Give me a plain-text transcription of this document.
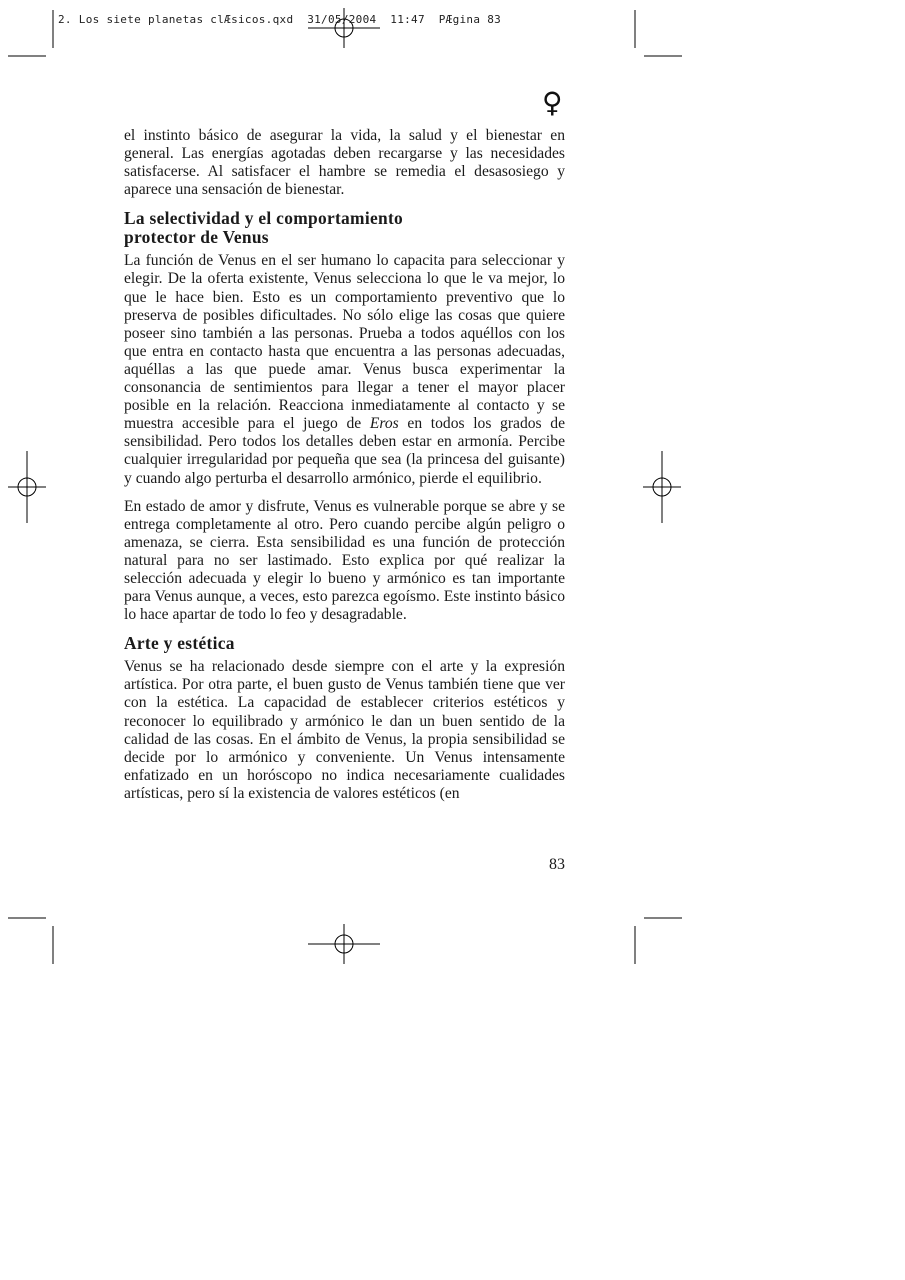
2. Los siete planetas clÆsicos.qxd  31/05/2004  11:47  PÆgina 83
♀

el instinto básico de asegurar la vida, la salud y el bienestar en general. Las energías agotadas deben recargarse y las necesidades satisfacerse. Al satisfacer el hambre se remedia el desasosiego y aparece una sensación de bienestar.

La selectividad y el comportamiento
protector de Venus

La función de Venus en el ser humano lo capacita para seleccionar y elegir. De la oferta existente, Venus selecciona lo que le va mejor, lo que le hace bien. Esto es un comportamiento preventivo que lo preserva de posibles dificultades. No sólo elige las cosas que quiere poseer sino también a las personas. Prueba a todos aquéllos con los que entra en contacto hasta que encuentra a las personas adecuadas, aquéllas a las que puede amar. Venus busca experimentar la consonancia de sentimientos para llegar a tener el mayor placer posible en la relación. Reacciona inmediatamente al contacto y se muestra accesible para el juego de Eros en todos los grados de sensibilidad. Pero todos los detalles deben estar en armonía. Percibe cualquier irregularidad por pequeña que sea (la princesa del guisante) y cuando algo perturba el desarrollo armónico, pierde el equilibrio.

En estado de amor y disfrute, Venus es vulnerable porque se abre y se entrega completamente al otro. Pero cuando percibe algún peligro o amenaza, se cierra. Esta sensibilidad es una función de protección natural para no ser lastimado. Esto explica por qué realizar la selección adecuada y elegir lo bueno y armónico es tan importante para Venus aunque, a veces, esto parezca egoísmo. Este instinto básico lo hace apartar de todo lo feo y desagradable.

Arte y estética

Venus se ha relacionado desde siempre con el arte y la expresión artística. Por otra parte, el buen gusto de Venus también tiene que ver con la estética. La capacidad de establecer criterios estéticos y reconocer lo equilibrado y armónico le dan un buen sentido de la calidad de las cosas. En el ámbito de Venus, la propia sensibilidad se decide por lo armónico y conveniente. Un Venus intensamente enfatizado en un horóscopo no indica necesariamente cualidades artísticas, pero sí la existencia de valores estéticos (en

83
